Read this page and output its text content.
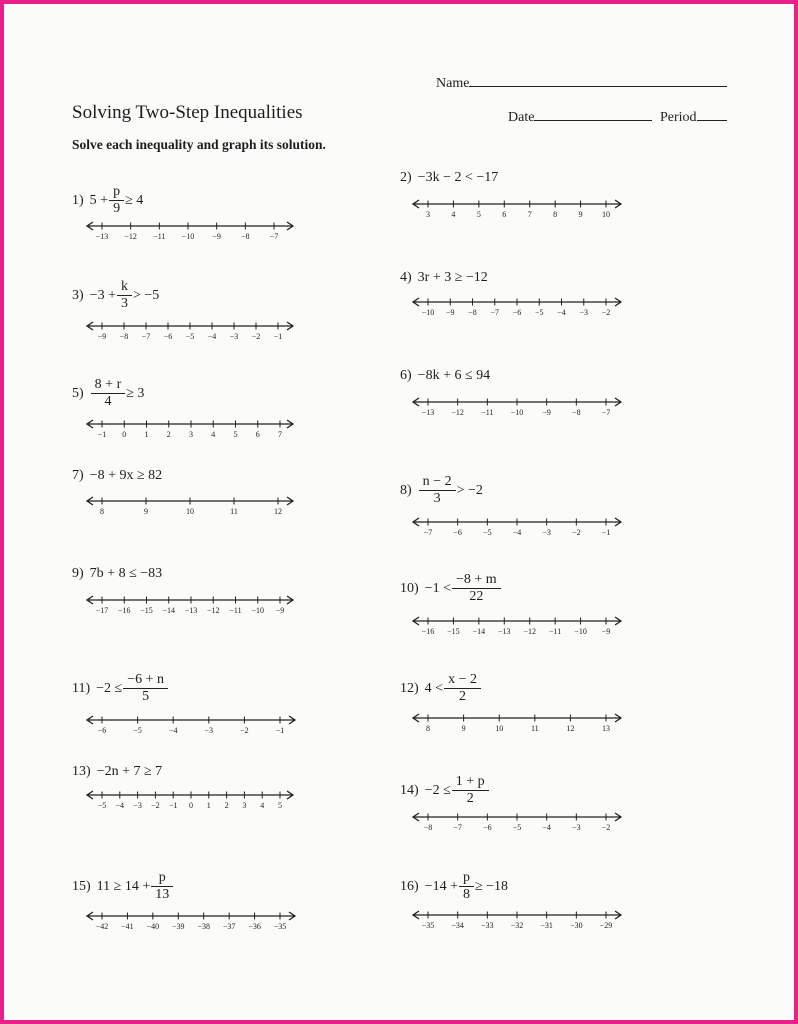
Name
Solving Two-Step Inequalities	Date	Period
Solve each inequality and graph its solution.
1) $5 + \frac{p}{9} \ge 4$
−13 −12 −11 −10 −9	−8	−7
2) −3k − 2 < −17
3	4	5	6	7	8	9 10
$3) -3 + \frac{k}{3} > -5$
−9 −8 −7 −6 −5 −4 −3 −2 −1
4) 3r + 3 ≥ −12
−10 −9 −8 −7 −6 −5 −4 −3 −2
$5) \frac{8 + r}{4} \ge 3$
−1 0 1 2 3 4 5 6 7
6) −8k + 6 ≤ 94
−13 −12 −11 −10 −9	−8	−7
7) −8 + 9x ≥ 82
8	9	10	11	12
$8) \frac{n - 2}{3} > -2$
−7	−6	−5	−4	−3	−2	−1
9) 7b + 8 ≤ −83
−17 −16 −15 −14 −13 −12 −11 −10 −9
$10) -1 < \frac{-8 + m}{22}$
−16 −15 −14 −13 −12 −11 −10 −9
$11) -2 \le \frac{-6 + n}{5}$
−6	−5	−4	−3	−2	−1
12) $4 < \frac{x - 2}{2}$
8	9	10	11	12	13
13) −2n + 7 ≥ 7
−5 −4 −3 −2 −1 0 1 2 3 4 5
$14) -2 \le \frac{1 + p}{2}$
−8	−7	−6	−5	−4	−3	−2
15) $11 \ge 14 + \frac{p}{13}$
−42 −41 −40 −39 −38 −37 −36 −35
$16) -14 + \frac{p}{8} \ge -18$
−35 −34 −33 −32 −31 −30 −29
